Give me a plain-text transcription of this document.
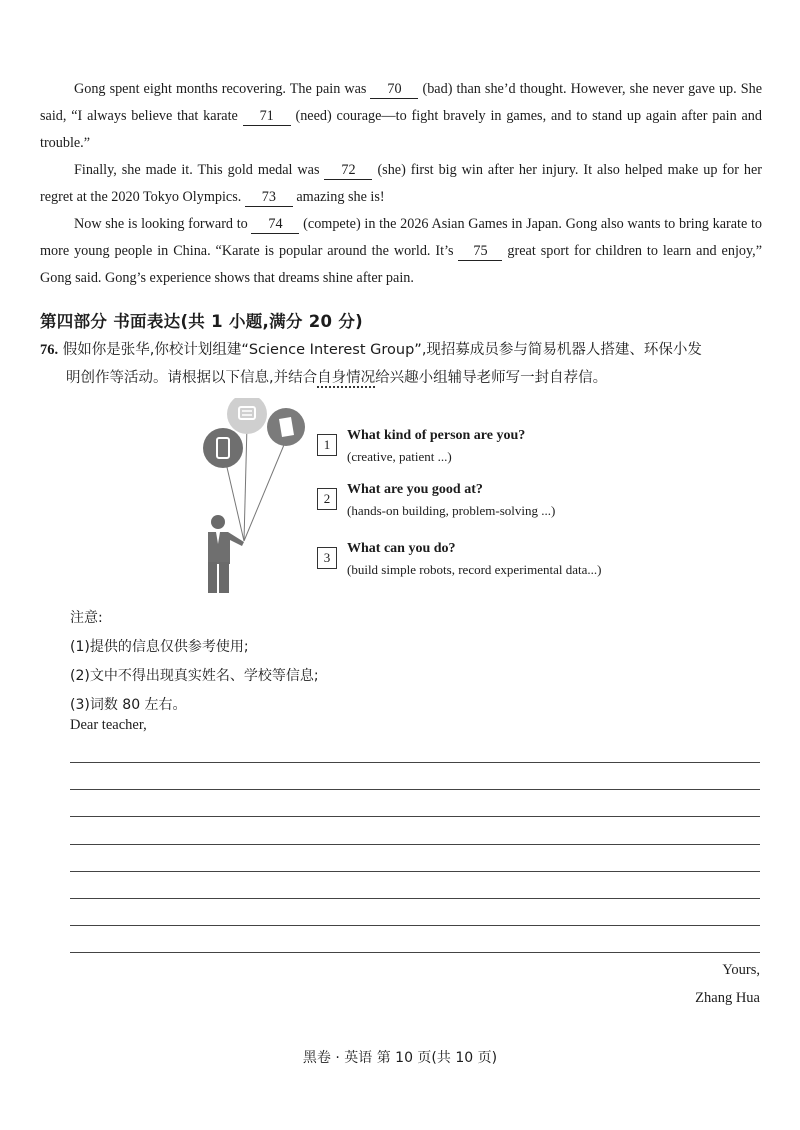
Gong spent eight months recovering. The pain was 70 (bad) than she’d thought. However, she never gave up. She said, “I always believe that karate 71 (need) courage—to fight bravely in games, and to stand up again after pain and trouble.”

Finally, she made it. This gold medal was 72 (she) first big win after her injury. It also helped make up for her regret at the 2020 Tokyo Olympics. 73 amazing she is!

Now she is looking forward to 74 (compete) in the 2026 Asian Games in Japan. Gong also wants to bring karate to more young people in China. “Karate is popular around the world. It’s 75 great sport for children to learn and enjoy,” Gong said. Gong’s experience shows that dreams shine after pain.

第四部分 书面表达(共 1 小题,满分 20 分)
76. 假如你是张华,你校计划组建“Science Interest Group”,现招募成员参与简易机器人搭建、环保小发
明创作等活动。请根据以下信息,并结合自身情况给兴趣小组辅导老师写一封自荐信。
1
What kind of person are you?
(creative, patient ...)
2
What are you good at?
(hands-on building, problem-solving ...)
3
What can you do?
(build simple robots, record experimental data...)
注意:
(1)提供的信息仅供参考使用;
(2)文中不得出现真实姓名、学校等信息;
(3)词数 80 左右。
Dear teacher,
Yours,
Zhang Hua
黑卷 · 英语 第 10 页(共 10 页)
